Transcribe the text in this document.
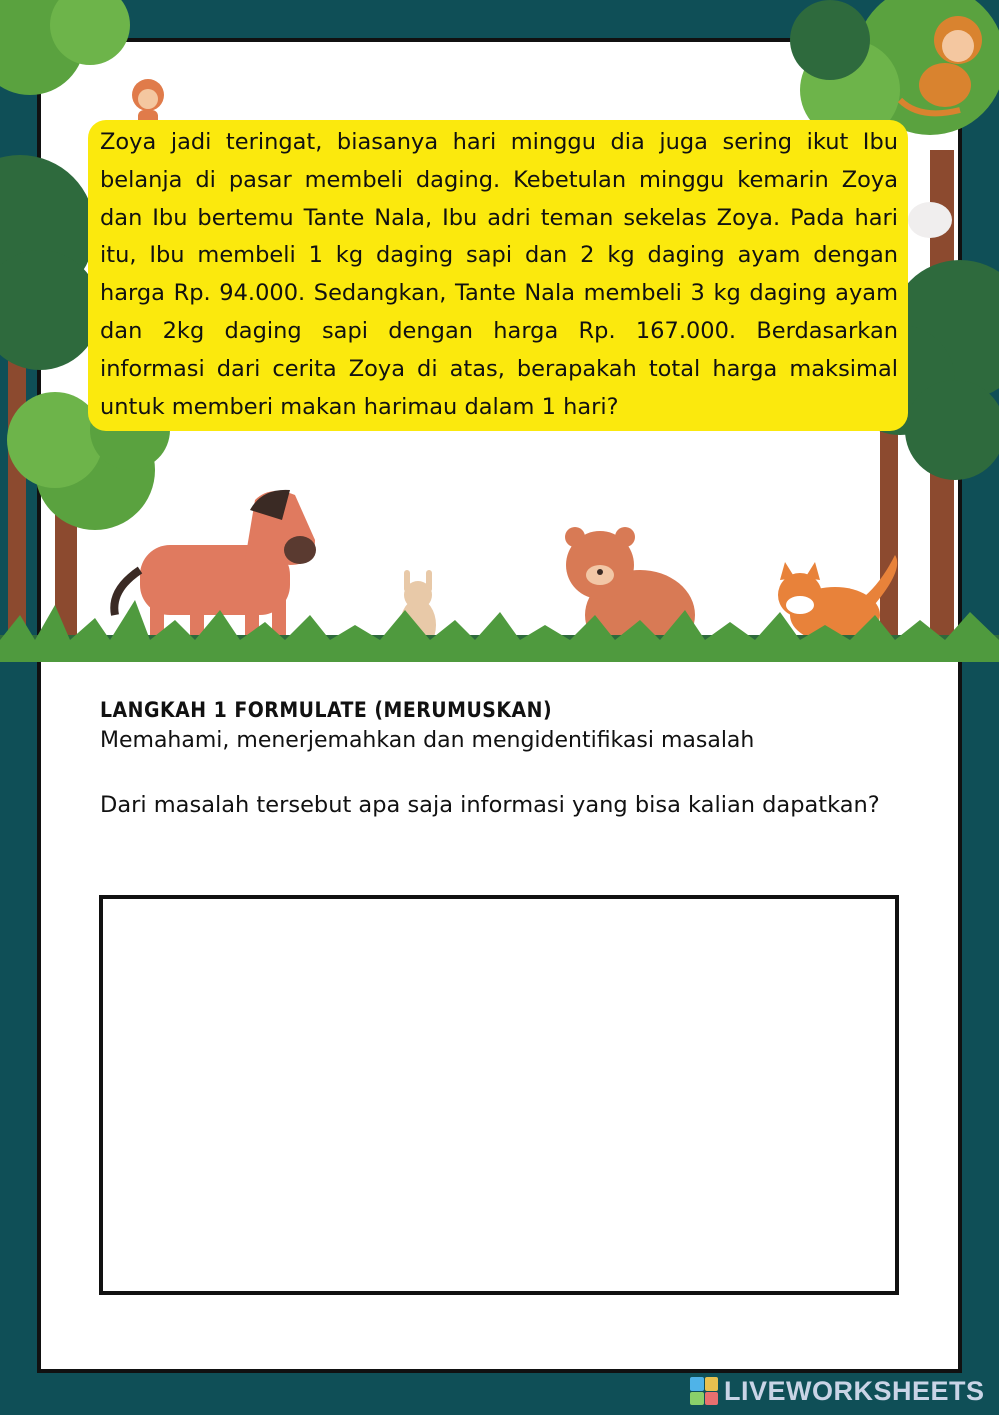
Zoya jadi teringat, biasanya hari minggu dia juga sering ikut Ibu belanja di pasar membeli daging. Kebetulan minggu kemarin Zoya dan Ibu bertemu Tante Nala, Ibu adri teman sekelas Zoya. Pada hari itu, Ibu membeli 1 kg daging sapi dan 2 kg daging ayam dengan harga Rp. 94.000. Sedangkan, Tante Nala membeli 3 kg daging ayam dan 2kg daging sapi dengan harga Rp. 167.000. Berdasarkan informasi dari cerita Zoya di atas, berapakah total harga maksimal untuk memberi makan harimau dalam 1 hari?

LANGKAH 1 FORMULATE (MERUMUSKAN)

Memahami, menerjemahkan dan mengidentifikasi masalah

Dari masalah tersebut apa saja informasi yang bisa kalian dapatkan?
LIVEWORKSHEETS
